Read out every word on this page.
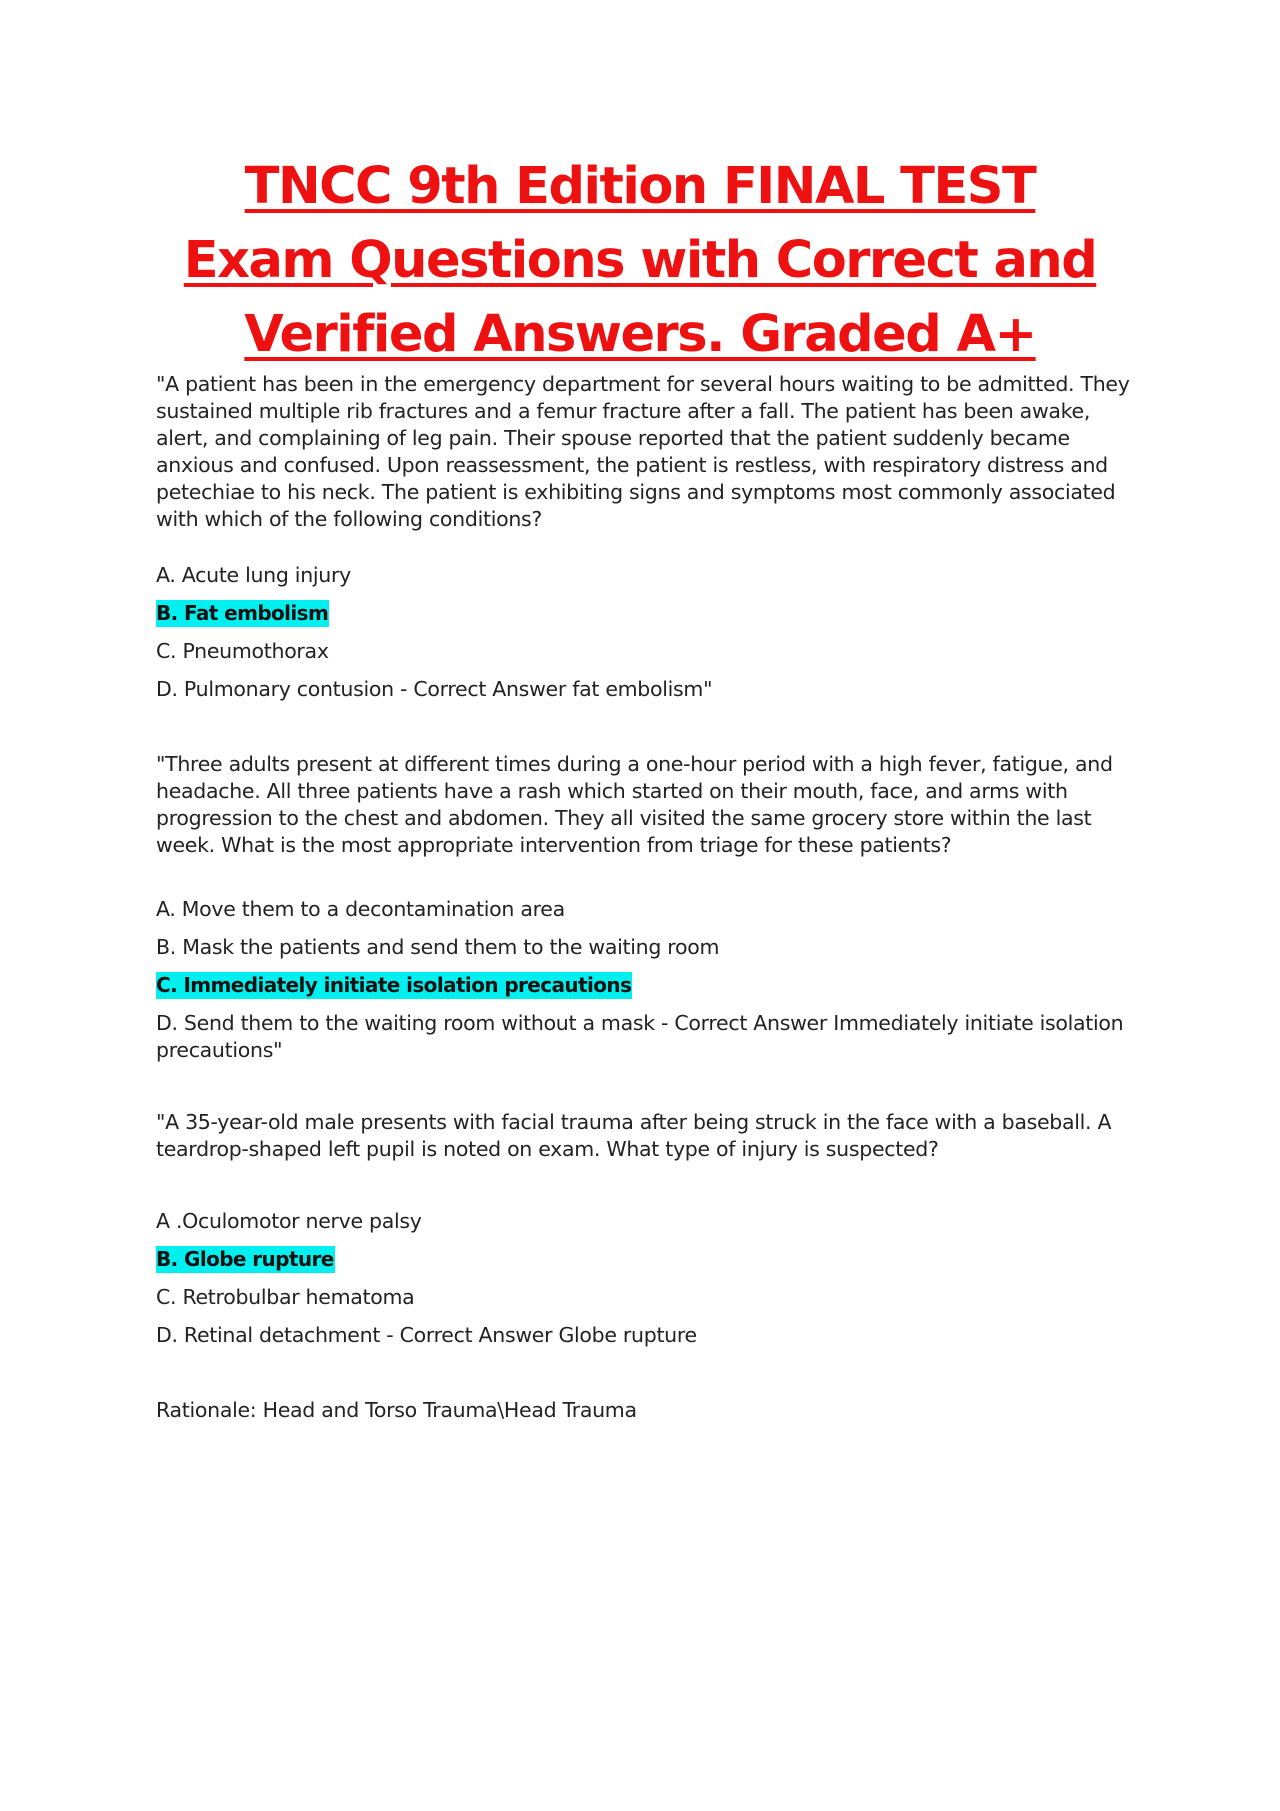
TNCC 9th Edition FINAL TEST
Exam Questions with Correct and
Verified Answers. Graded A+
"A patient has been in the emergency department for several hours waiting to be admitted. They sustained multiple rib fractures and a femur fracture after a fall. The patient has been awake, alert, and complaining of leg pain. Their spouse reported that the patient suddenly became anxious and confused. Upon reassessment, the patient is restless, with respiratory distress and petechiae to his neck. The patient is exhibiting signs and symptoms most commonly associated with which of the following conditions?
A. Acute lung injury
B. Fat embolism
C. Pneumothorax
D. Pulmonary contusion - Correct Answer fat embolism"
"Three adults present at different times during a one-hour period with a high fever, fatigue, and headache. All three patients have a rash which started on their mouth, face, and arms with progression to the chest and abdomen. They all visited the same grocery store within the last week. What is the most appropriate intervention from triage for these patients?
A. Move them to a decontamination area
B. Mask the patients and send them to the waiting room
C. Immediately initiate isolation precautions
D. Send them to the waiting room without a mask - Correct Answer Immediately initiate isolation precautions"
"A 35-year-old male presents with facial trauma after being struck in the face with a baseball. A teardrop-shaped left pupil is noted on exam. What type of injury is suspected?
A .Oculomotor nerve palsy
B. Globe rupture
C. Retrobulbar hematoma
D. Retinal detachment - Correct Answer Globe rupture
Rationale: Head and Torso Trauma\Head Trauma
